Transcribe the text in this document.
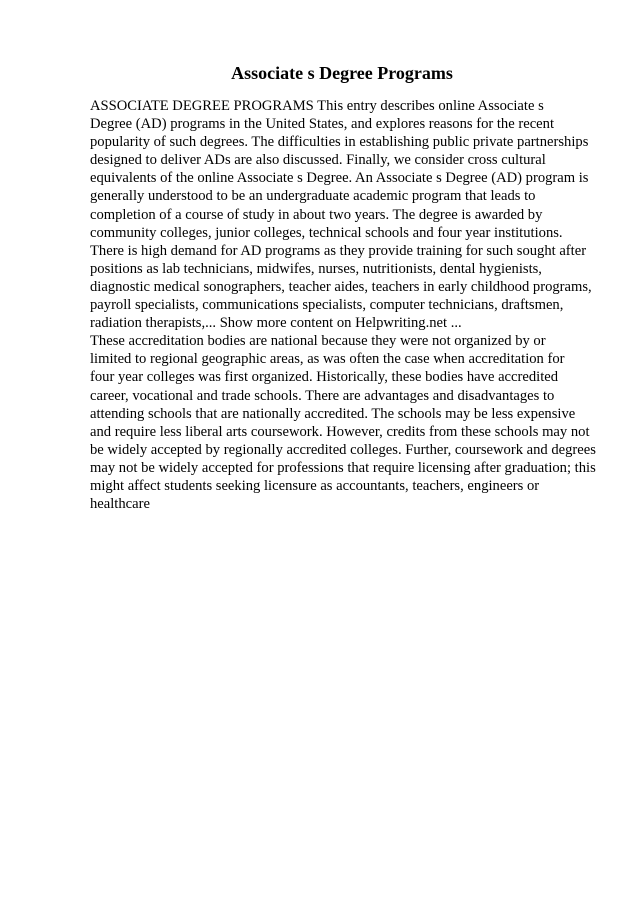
Associate s Degree Programs
ASSOCIATE DEGREE PROGRAMS This entry describes online Associate s
Degree (AD) programs in the United States, and explores reasons for the recent
popularity of such degrees. The difficulties in establishing public private partnerships
designed to deliver ADs are also discussed. Finally, we consider cross cultural
equivalents of the online Associate s Degree. An Associate s Degree (AD) program is
generally understood to be an undergraduate academic program that leads to
completion of a course of study in about two years. The degree is awarded by
community colleges, junior colleges, technical schools and four year institutions.
There is high demand for AD programs as they provide training for such sought after
positions as lab technicians, midwifes, nurses, nutritionists, dental hygienists,
diagnostic medical sonographers, teacher aides, teachers in early childhood programs,
payroll specialists, communications specialists, computer technicians, draftsmen,
radiation therapists,... Show more content on Helpwriting.net ...
These accreditation bodies are national because they were not organized by or
limited to regional geographic areas, as was often the case when accreditation for
four year colleges was first organized. Historically, these bodies have accredited
career, vocational and trade schools. There are advantages and disadvantages to
attending schools that are nationally accredited. The schools may be less expensive
and require less liberal arts coursework. However, credits from these schools may not
be widely accepted by regionally accredited colleges. Further, coursework and degrees
may not be widely accepted for professions that require licensing after graduation; this
might affect students seeking licensure as accountants, teachers, engineers or
healthcare
